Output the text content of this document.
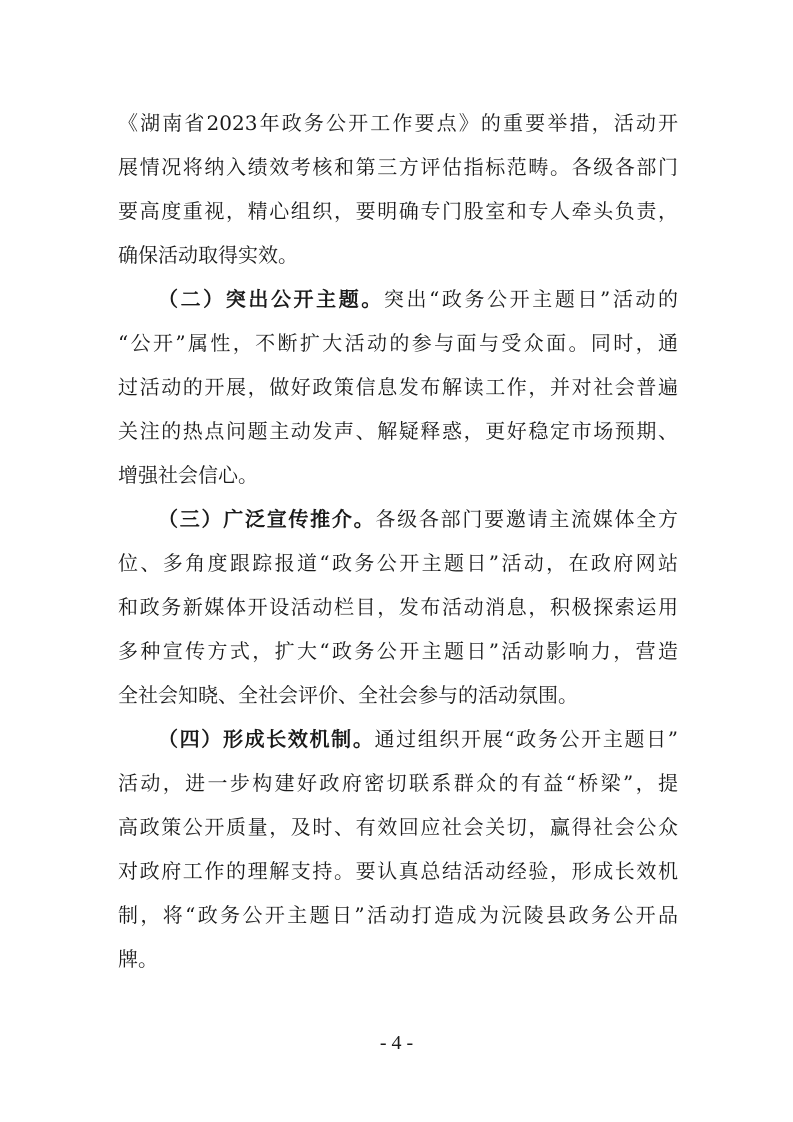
《湖南省2023年政务公开工作要点》的重要举措，活动开
展情况将纳入绩效考核和第三方评估指标范畴。各级各部门
要高度重视，精心组织，要明确专门股室和专人牵头负责，
确保活动取得实效。
（二）突出公开主题。突出“政务公开主题日”活动的
“公开”属性，不断扩大活动的参与面与受众面。同时，通
过活动的开展，做好政策信息发布解读工作，并对社会普遍
关注的热点问题主动发声、解疑释惑，更好稳定市场预期、
增强社会信心。
（三）广泛宣传推介。各级各部门要邀请主流媒体全方
位、多角度跟踪报道“政务公开主题日”活动，在政府网站
和政务新媒体开设活动栏目，发布活动消息，积极探索运用
多种宣传方式，扩大“政务公开主题日”活动影响力，营造
全社会知晓、全社会评价、全社会参与的活动氛围。
（四）形成长效机制。通过组织开展“政务公开主题日”
活动，进一步构建好政府密切联系群众的有益“桥梁”，提
高政策公开质量，及时、有效回应社会关切，赢得社会公众
对政府工作的理解支持。要认真总结活动经验，形成长效机
制，将“政务公开主题日”活动打造成为沅陵县政务公开品
牌。
- 4 -
